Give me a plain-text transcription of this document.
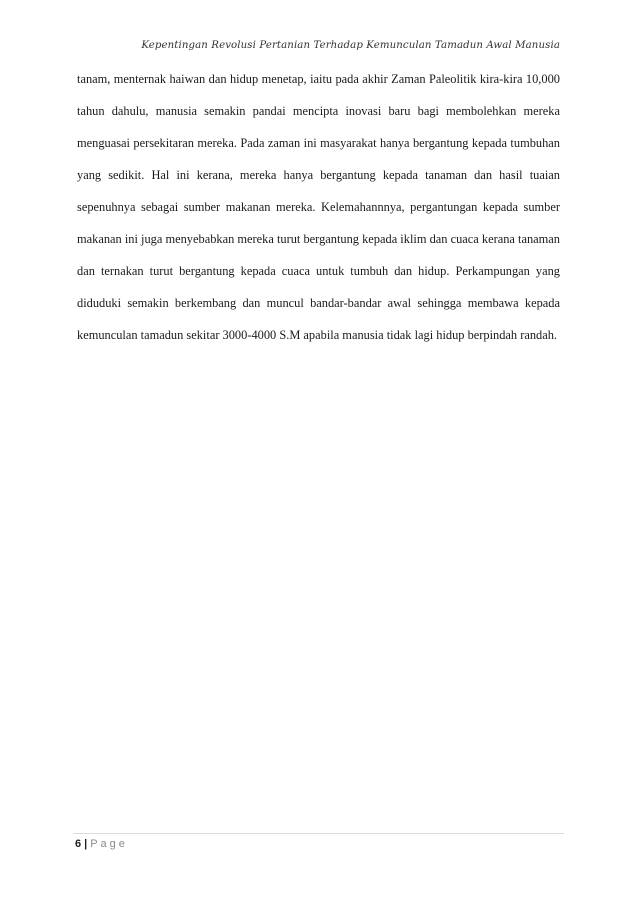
Kepentingan Revolusi Pertanian Terhadap Kemunculan Tamadun Awal Manusia

tanam, menternak haiwan dan hidup menetap, iaitu pada akhir Zaman Paleolitik kira-kira 10,000 tahun dahulu, manusia semakin pandai mencipta inovasi baru bagi membolehkan mereka menguasai persekitaran mereka. Pada zaman ini masyarakat hanya bergantung kepada tumbuhan yang sedikit. Hal ini kerana, mereka hanya bergantung kepada tanaman dan hasil tuaian sepenuhnya sebagai sumber makanan mereka. Kelemahannnya, pergantungan kepada sumber makanan ini juga menyebabkan mereka turut bergantung kepada iklim dan cuaca kerana tanaman dan ternakan turut bergantung kepada cuaca untuk tumbuh dan hidup. Perkampungan yang diduduki semakin berkembang dan muncul bandar-bandar awal sehingga membawa kepada kemunculan tamadun sekitar 3000-4000 S.M apabila manusia tidak lagi hidup berpindah randah.

6 | Page
